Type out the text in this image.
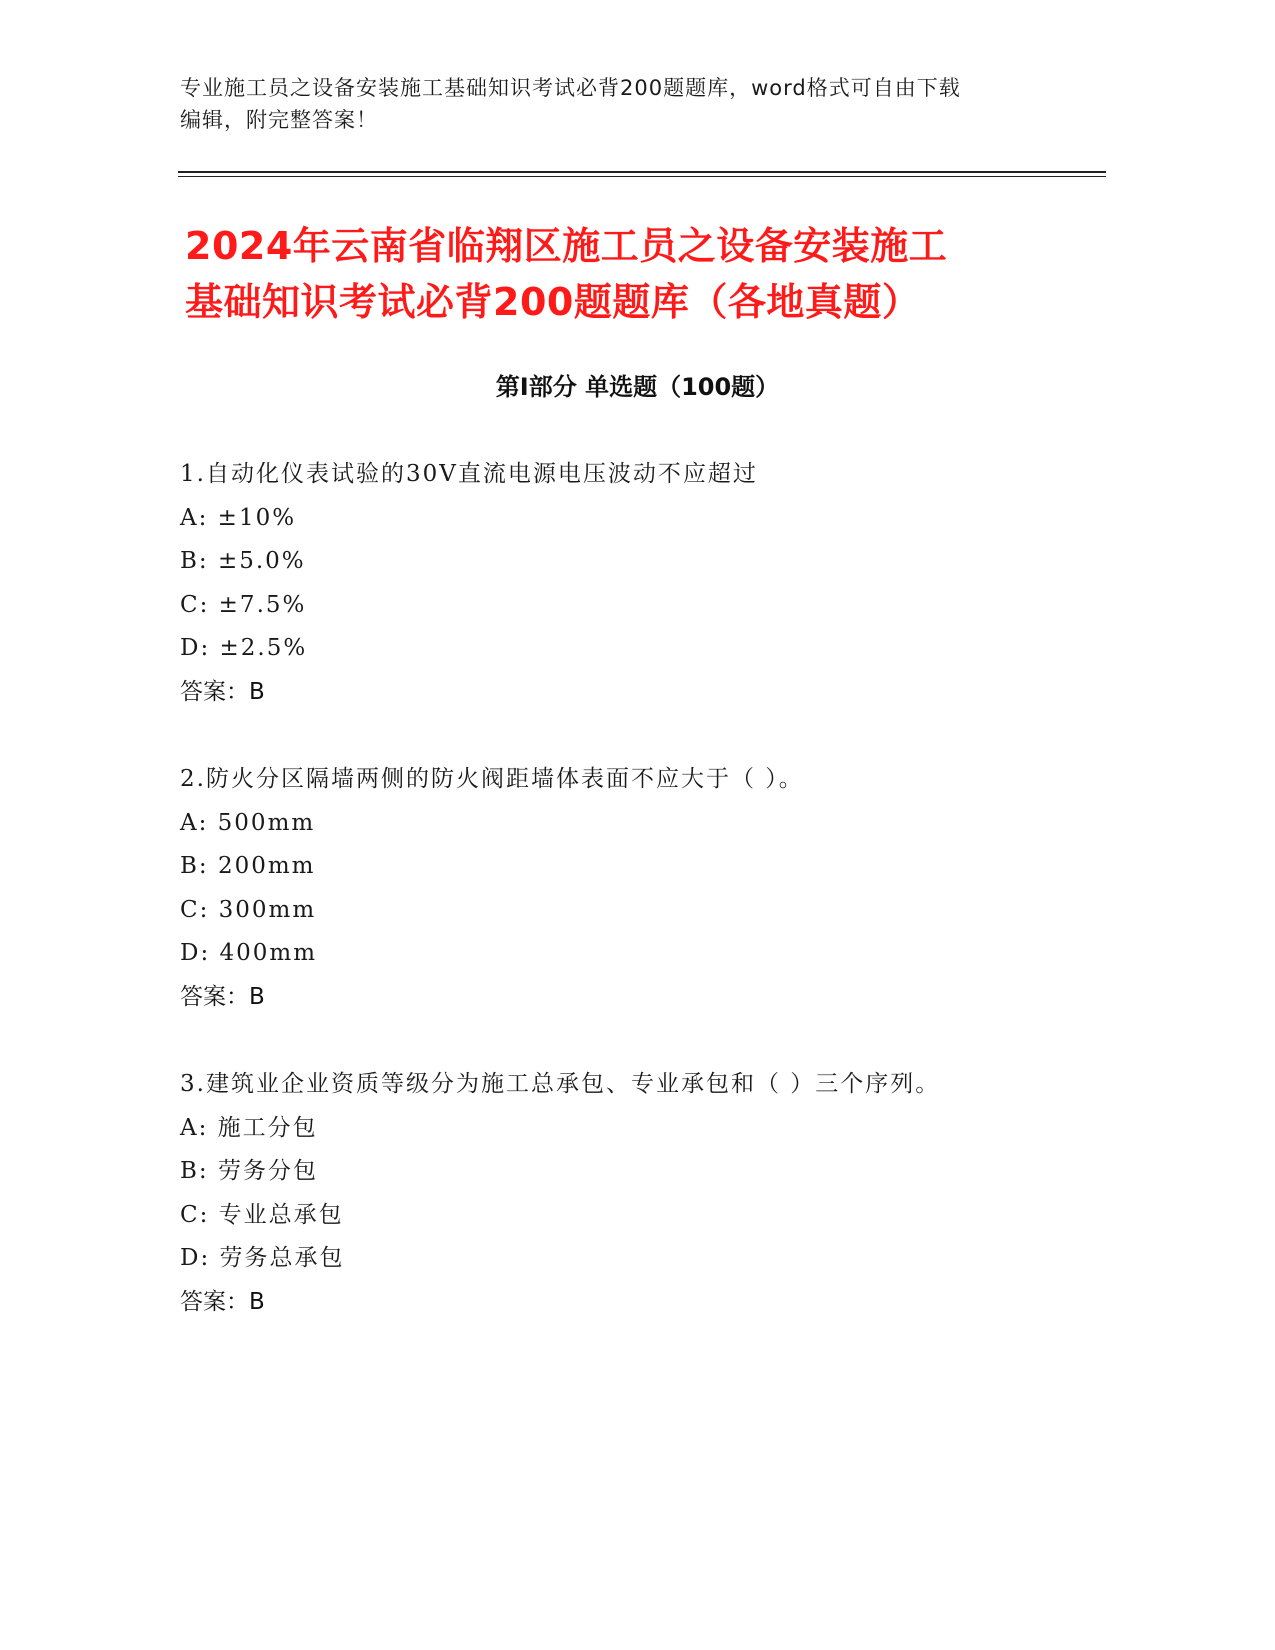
专业施工员之设备安装施工基础知识考试必背200题题库，word格式可自由下载
编辑，附完整答案！
2024年云南省临翔区施工员之设备安装施工
基础知识考试必背200题题库（各地真题）
第Ⅰ部分 单选题（100题）
1.自动化仪表试验的30V直流电源电压波动不应超过
A: ±10%
B: ±5.0%
C: ±7.5%
D: ±2.5%
答案：B
2.防火分区隔墙两侧的防火阀距墙体表面不应大于（ ）。
A: 500mm
B: 200mm
C: 300mm
D: 400mm
答案：B
3.建筑业企业资质等级分为施工总承包、专业承包和（ ）三个序列。
A: 施工分包
B: 劳务分包
C: 专业总承包
D: 劳务总承包
答案：B
